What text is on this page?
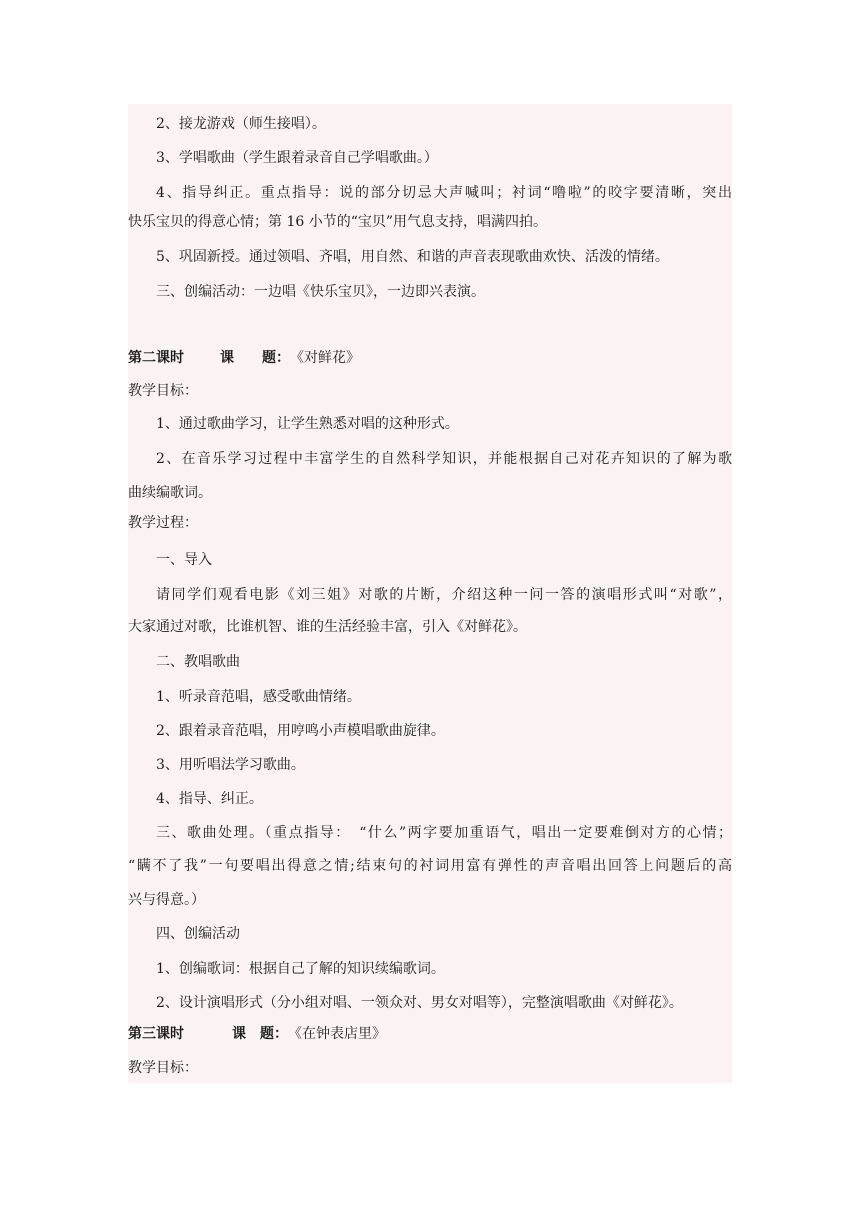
2、接龙游戏（师生接唱）。
3、学唱歌曲（学生跟着录音自己学唱歌曲。）
4、指导纠正。重点指导：说的部分切忌大声喊叫；衬词“噜啦”的咬字要清晰，突出
快乐宝贝的得意心情；第 16 小节的“宝贝”用气息支持，唱满四拍。
5、巩固新授。通过领唱、齐唱，用自然、和谐的声音表现歌曲欢快、活泼的情绪。
三、创编活动：一边唱《快乐宝贝》，一边即兴表演。
第二课时	课　　题：《对鲜花》
教学目标：
1、通过歌曲学习，让学生熟悉对唱的这种形式。
2、在音乐学习过程中丰富学生的自然科学知识，并能根据自己对花卉知识的了解为歌
曲续编歌词。
教学过程：
一、导入
请同学们观看电影《刘三姐》对歌的片断，介绍这种一问一答的演唱形式叫“对歌”，
大家通过对歌，比谁机智、谁的生活经验丰富，引入《对鲜花》。
二、教唱歌曲
1、听录音范唱，感受歌曲情绪。
2、跟着录音范唱，用哼鸣小声模唱歌曲旋律。
3、用听唱法学习歌曲。
4、指导、纠正。
三、歌曲处理。（重点指导：　“什么”两字要加重语气，唱出一定要难倒对方的心情；
“瞒不了我”一句要唱出得意之情;结束句的衬词用富有弹性的声音唱出回答上问题后的高
兴与得意。）
四、创编活动
1、创编歌词：根据自己了解的知识续编歌词。
2、设计演唱形式（分小组对唱、一领众对、男女对唱等），完整演唱歌曲《对鲜花》。
第三课时	课　题：《在钟表店里》
教学目标：
